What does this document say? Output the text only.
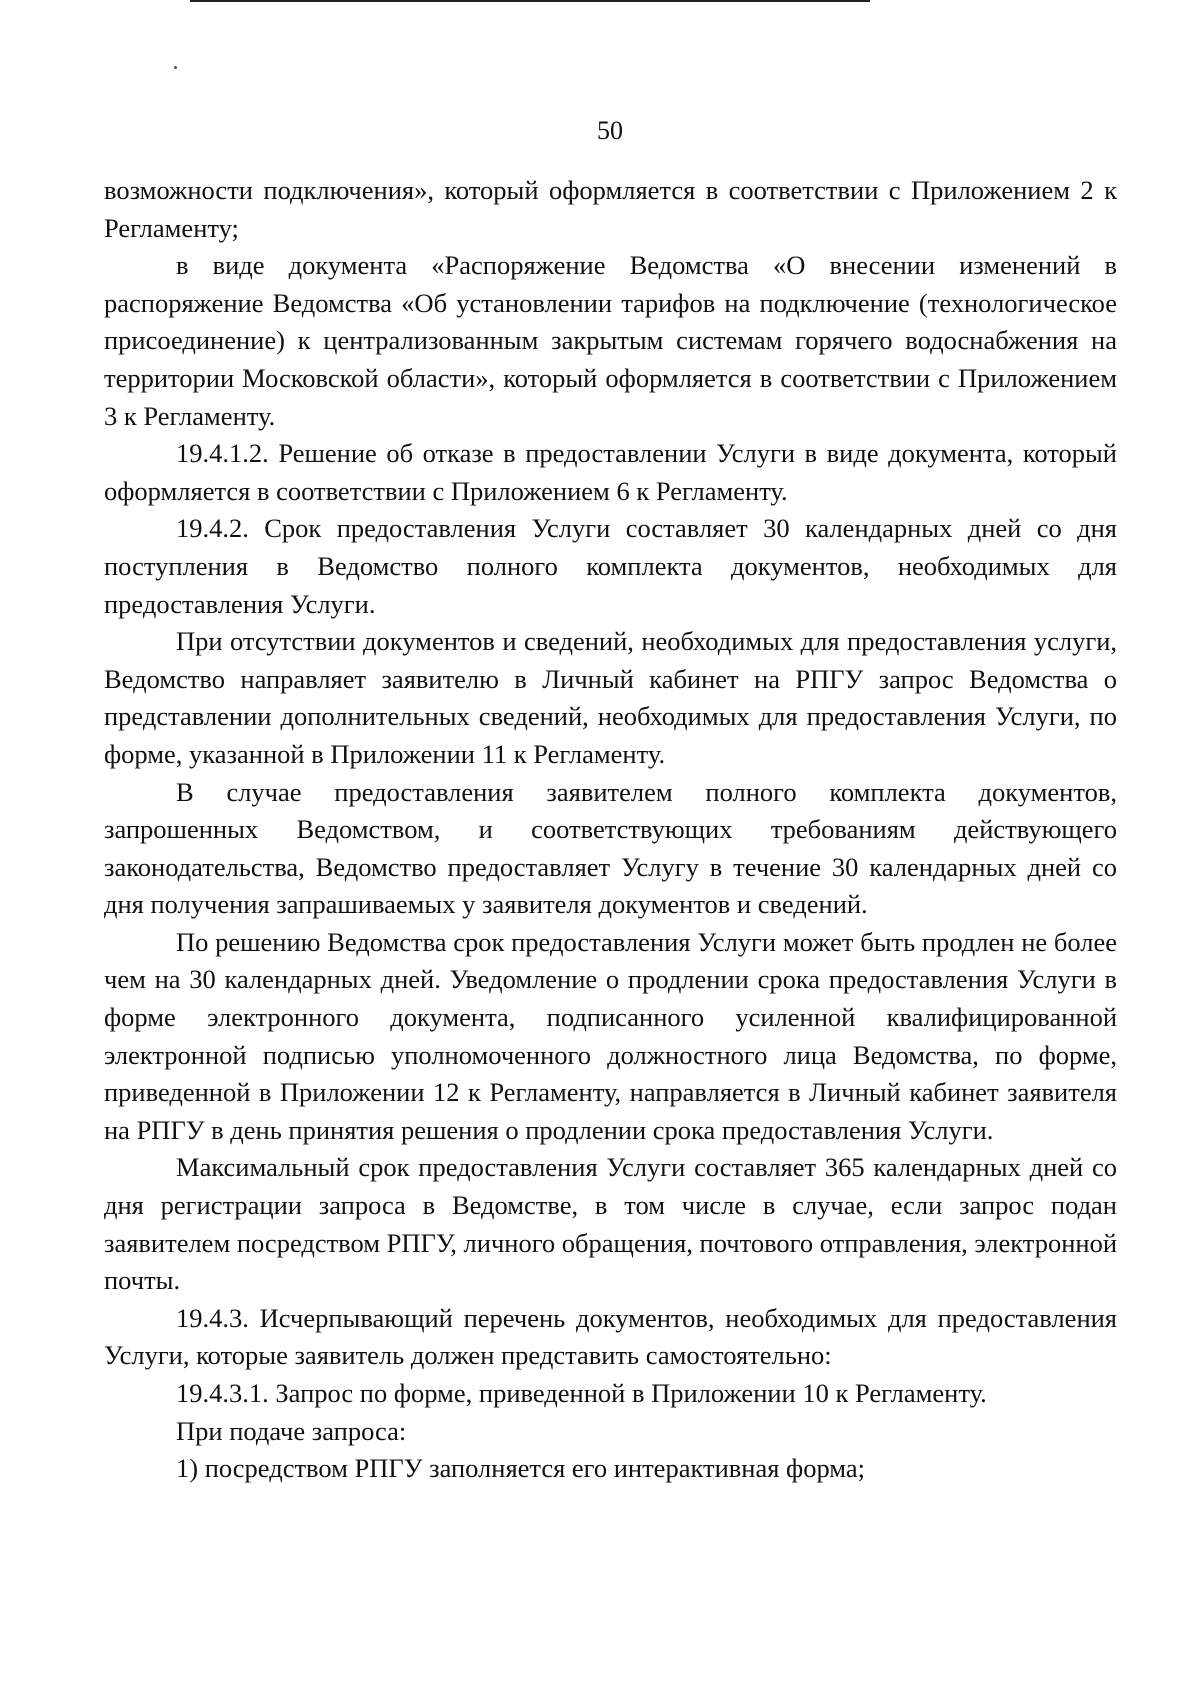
50

возможности подключения», который оформляется в соответствии с Приложением 2 к Регламенту;

в виде документа «Распоряжение Ведомства «О внесении изменений в распоряжение Ведомства «Об установлении тарифов на подключение (технологическое присоединение) к централизованным закрытым системам горячего водоснабжения на территории Московской области», который оформляется в соответствии с Приложением 3 к Регламенту.

19.4.1.2. Решение об отказе в предоставлении Услуги в виде документа, который оформляется в соответствии с Приложением 6 к Регламенту.

19.4.2. Срок предоставления Услуги составляет 30 календарных дней со дня поступления в Ведомство полного комплекта документов, необходимых для предоставления Услуги.

При отсутствии документов и сведений, необходимых для предоставления услуги, Ведомство направляет заявителю в Личный кабинет на РПГУ запрос Ведомства о представлении дополнительных сведений, необходимых для предоставления Услуги, по форме, указанной в Приложении 11 к Регламенту.

В случае предоставления заявителем полного комплекта документов, запрошенных Ведомством, и соответствующих требованиям действующего законодательства, Ведомство предоставляет Услугу в течение 30 календарных дней со дня получения запрашиваемых у заявителя документов и сведений.

По решению Ведомства срок предоставления Услуги может быть продлен не более чем на 30 календарных дней. Уведомление о продлении срока предоставления Услуги в форме электронного документа, подписанного усиленной квалифицированной электронной подписью уполномоченного должностного лица Ведомства, по форме, приведенной в Приложении 12 к Регламенту, направляется в Личный кабинет заявителя на РПГУ в день принятия решения о продлении срока предоставления Услуги.

Максимальный срок предоставления Услуги составляет 365 календарных дней со дня регистрации запроса в Ведомстве, в том числе в случае, если запрос подан заявителем посредством РПГУ, личного обращения, почтового отправления, электронной почты.

19.4.3. Исчерпывающий перечень документов, необходимых для предоставления Услуги, которые заявитель должен представить самостоятельно:

19.4.3.1. Запрос по форме, приведенной в Приложении 10 к Регламенту.

При подаче запроса:

1) посредством РПГУ заполняется его интерактивная форма;
